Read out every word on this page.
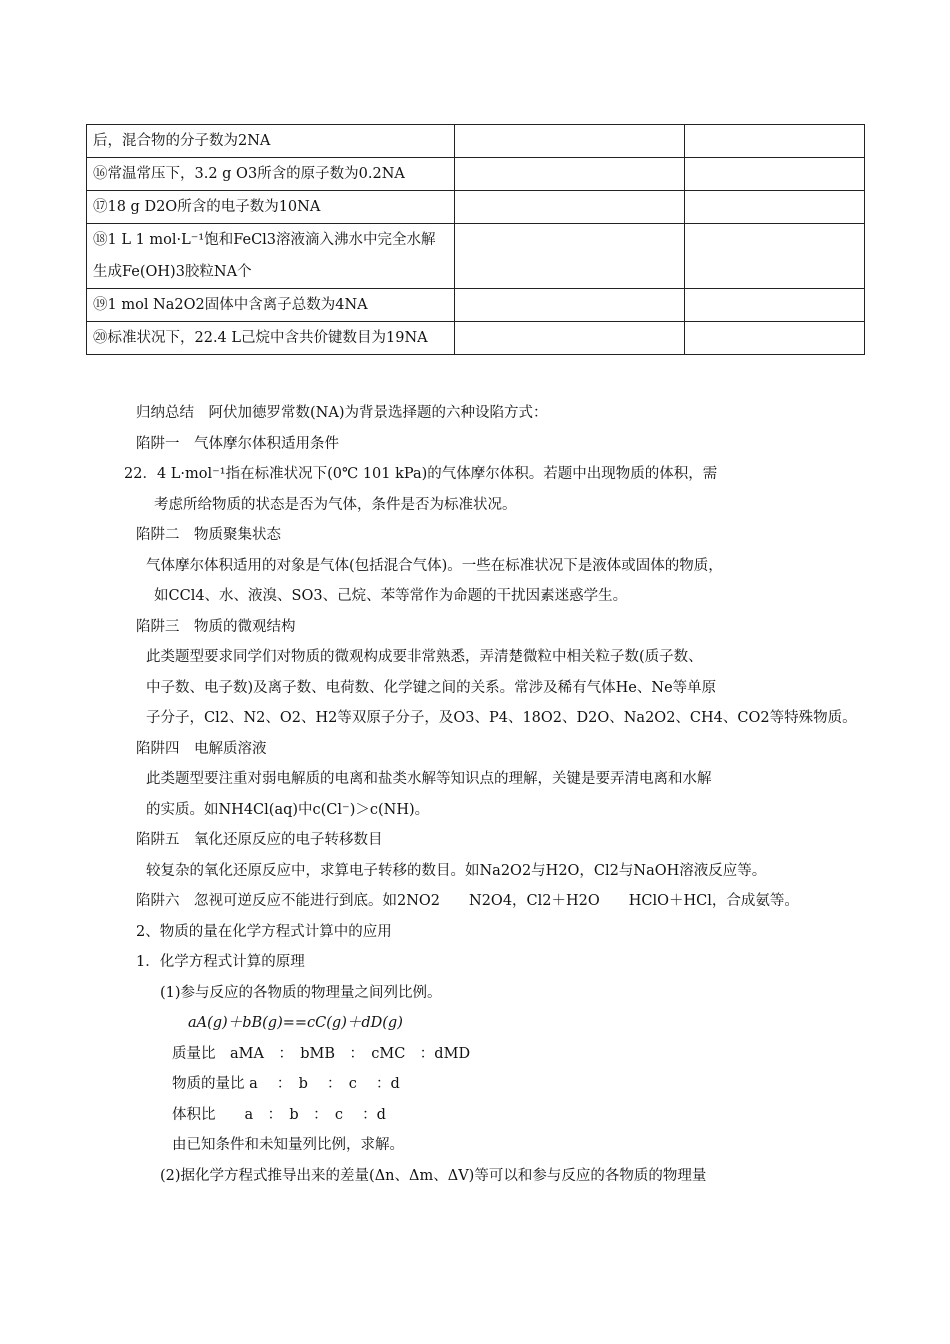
后，混合物的分子数为2NA		
⑯常温常压下，3.2 g O3所含的原子数为0.2NA		
⑰18 g D2O所含的电子数为10NA		
⑱1 L 1 mol·L⁻¹饱和FeCl3溶液滴入沸水中完全水解生成Fe(OH)3胶粒NA个		
⑲1 mol Na2O2固体中含离子总数为4NA		
⑳标准状况下，22.4 L己烷中含共价键数目为19NA		
归纳总结　阿伏加德罗常数(NA)为背景选择题的六种设陷方式：
陷阱一　气体摩尔体积适用条件
22．4 L·mol⁻¹指在标准状况下(0℃ 101 kPa)的气体摩尔体积。若题中出现物质的体积，需
考虑所给物质的状态是否为气体，条件是否为标准状况。
陷阱二　物质聚集状态
气体摩尔体积适用的对象是气体(包括混合气体)。一些在标准状况下是液体或固体的物质，
如CCl4、水、液溴、SO3、己烷、苯等常作为命题的干扰因素迷惑学生。
陷阱三　物质的微观结构
此类题型要求同学们对物质的微观构成要非常熟悉，弄清楚微粒中相关粒子数(质子数、
中子数、电子数)及离子数、电荷数、化学键之间的关系。常涉及稀有气体He、Ne等单原
子分子，Cl2、N2、O2、H2等双原子分子，及O3、P4、18O2、D2O、Na2O2、CH4、CO2等特殊物质。
陷阱四　电解质溶液
此类题型要注重对弱电解质的电离和盐类水解等知识点的理解，关键是要弄清电离和水解
的实质。如NH4Cl(aq)中c(Cl⁻)＞c(NH)。
陷阱五　氧化还原反应的电子转移数目
较复杂的氧化还原反应中，求算电子转移的数目。如Na2O2与H2O，Cl2与NaOH溶液反应等。
陷阱六　忽视可逆反应不能进行到底。如2NO2　　N2O4，Cl2＋H2O　　HClO＋HCl，合成氨等。
2、物质的量在化学方程式计算中的应用
1．化学方程式计算的原理
(1)参与反应的各物质的物理量之间列比例。
aA(g)＋bB(g)==cC(g)＋dD(g)
质量比　aMA　：　bMB　：　cMC　：dMD
物质的量比 a　 ：　b　 ：　c　 ：d
体积比　　a　：　b　：　c　 ：d
由已知条件和未知量列比例，求解。
(2)据化学方程式推导出来的差量(Δn、Δm、ΔV)等可以和参与反应的各物质的物理量
